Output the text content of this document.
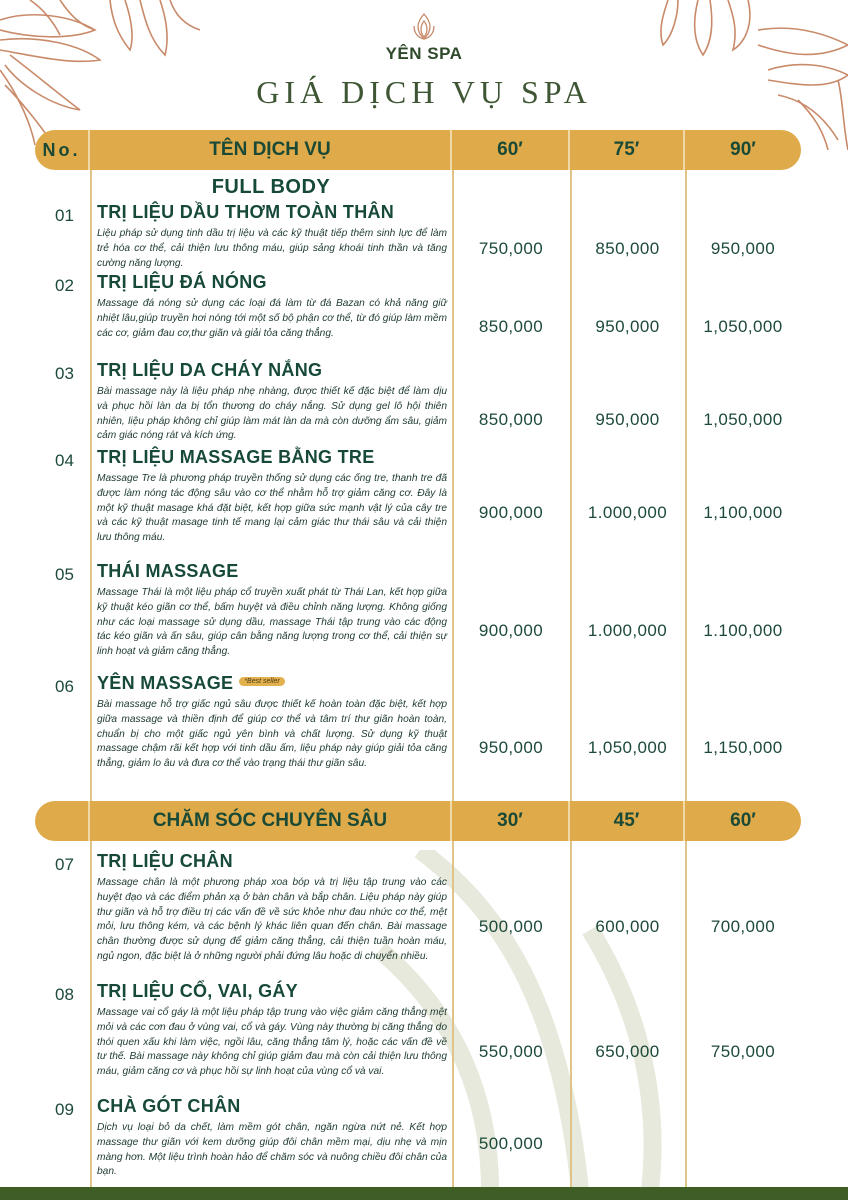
YÊN SPA
GIÁ DỊCH VỤ SPA
No.	TÊN DỊCH VỤ	60′	75′	90′
FULL BODY
01 TRỊ LIỆU DẦU THƠM TOÀN THÂN
Liệu pháp sử dụng tinh dầu trị liệu và các kỹ thuật tiếp thêm sinh lực để làm trẻ hóa cơ thể, cải thiện lưu thông máu, giúp sảng khoái tinh thần và tăng cường năng lượng.
750,000	850,000	950,000
02 TRỊ LIỆU ĐÁ NÓNG
Massage đá nóng sử dụng các loại đá làm từ đá Bazan có khả năng giữ nhiệt lâu,giúp truyền hơi nóng tới một số bộ phận cơ thể, từ đó giúp làm mềm các cơ, giảm đau cơ,thư giãn và giải tỏa căng thẳng.	850,000	950,000	1,050,000
03 TRỊ LIỆU DA CHÁY NẮNG
Bài massage này là liệu pháp nhẹ nhàng, được thiết kế đặc biệt để làm dịu và phục hồi làn da bị tổn thương do cháy nắng. Sử dụng gel lô hội thiên nhiên, liệu pháp không chỉ giúp làm mát làn da mà còn dưỡng ẩm sâu, giảm cảm giác nóng rát và kích ứng.
850,000	950,000	1,050,000
04 TRỊ LIỆU MASSAGE BẰNG TRE
Massage Tre là phương pháp truyền thống sử dụng các ống tre, thanh tre đã được làm nóng tác động sâu vào cơ thể nhằm hỗ trợ giảm căng cơ. Đây là một kỹ thuật masage khá đặt biệt, kết hợp giữa sức mạnh vật lý của cây tre và các kỹ thuật masage tinh tế mang lại cảm giác thư thái sâu và cải thiện lưu thông máu.
900,000	1.000,000	1,100,000
05 THÁI MASSAGE
Massage Thái là một liệu pháp cổ truyền xuất phát từ Thái Lan, kết hợp giữa kỹ thuật kéo giãn cơ thể, bấm huyệt và điều chỉnh năng lượng. Không giống như các loại massage sử dụng dầu, massage Thái tập trung vào các động tác kéo giãn và ấn sâu, giúp cân bằng năng lượng trong cơ thể, cải thiện sự linh hoạt và giảm căng thẳng.
900,000	1.000,000	1.100,000
06 YÊN MASSAGE *Best seller
Bài massage hỗ trợ giấc ngủ sâu được thiết kế hoàn toàn đặc biệt, kết hợp giữa massage và thiền định để giúp cơ thể và tâm trí thư giãn hoàn toàn, chuẩn bị cho một giấc ngủ yên bình và chất lượng. Sử dụng kỹ thuật massage chậm rãi kết hợp với tinh dầu ấm, liệu pháp này giúp giải tỏa căng thẳng, giảm lo âu và đưa cơ thể vào trạng thái thư giãn sâu.
950,000	1,050,000	1,150,000
CHĂM SÓC CHUYÊN SÂU	30′	45′	60′
07 TRỊ LIỆU CHÂN
Massage chân là một phương pháp xoa bóp và trị liệu tập trung vào các huyệt đạo và các điểm phản xạ ở bàn chân và bắp chân. Liệu pháp này giúp thư giãn và hỗ trợ điều trị các vấn đề về sức khỏe như đau nhức cơ thể, mệt mỏi, lưu thông kém, và các bệnh lý khác liên quan đến chân. Bài massage chân thường được sử dụng để giảm căng thẳng, cải thiện tuần hoàn máu, ngủ ngon, đặc biệt là ở những người phải đứng lâu hoặc di chuyển nhiều.
500,000	600,000	700,000
08 TRỊ LIỆU CỔ, VAI, GÁY
Massage vai cổ gáy là một liệu pháp tập trung vào việc giảm căng thẳng mệt mỏi và các cơn đau ở vùng vai, cổ và gáy. Vùng này thường bị căng thẳng do thói quen xấu khi làm việc, ngồi lâu, căng thẳng tâm lý, hoặc các vấn đề về tư thế. Bài massage này không chỉ giúp giảm đau mà còn cải thiện lưu thông máu, giảm căng cơ và phục hồi sự linh hoạt của vùng cổ và vai.
550,000	650,000	750,000
09 CHÀ GÓT CHÂN
Dịch vụ loại bỏ da chết, làm mềm gót chân, ngăn ngừa nứt nẻ. Kết hợp massage thư giãn với kem dưỡng giúp đôi chân mềm mại, dịu nhẹ và mịn màng hơn. Một liệu trình hoàn hảo để chăm sóc và nuông chiều đôi chân của bạn.
500,000
